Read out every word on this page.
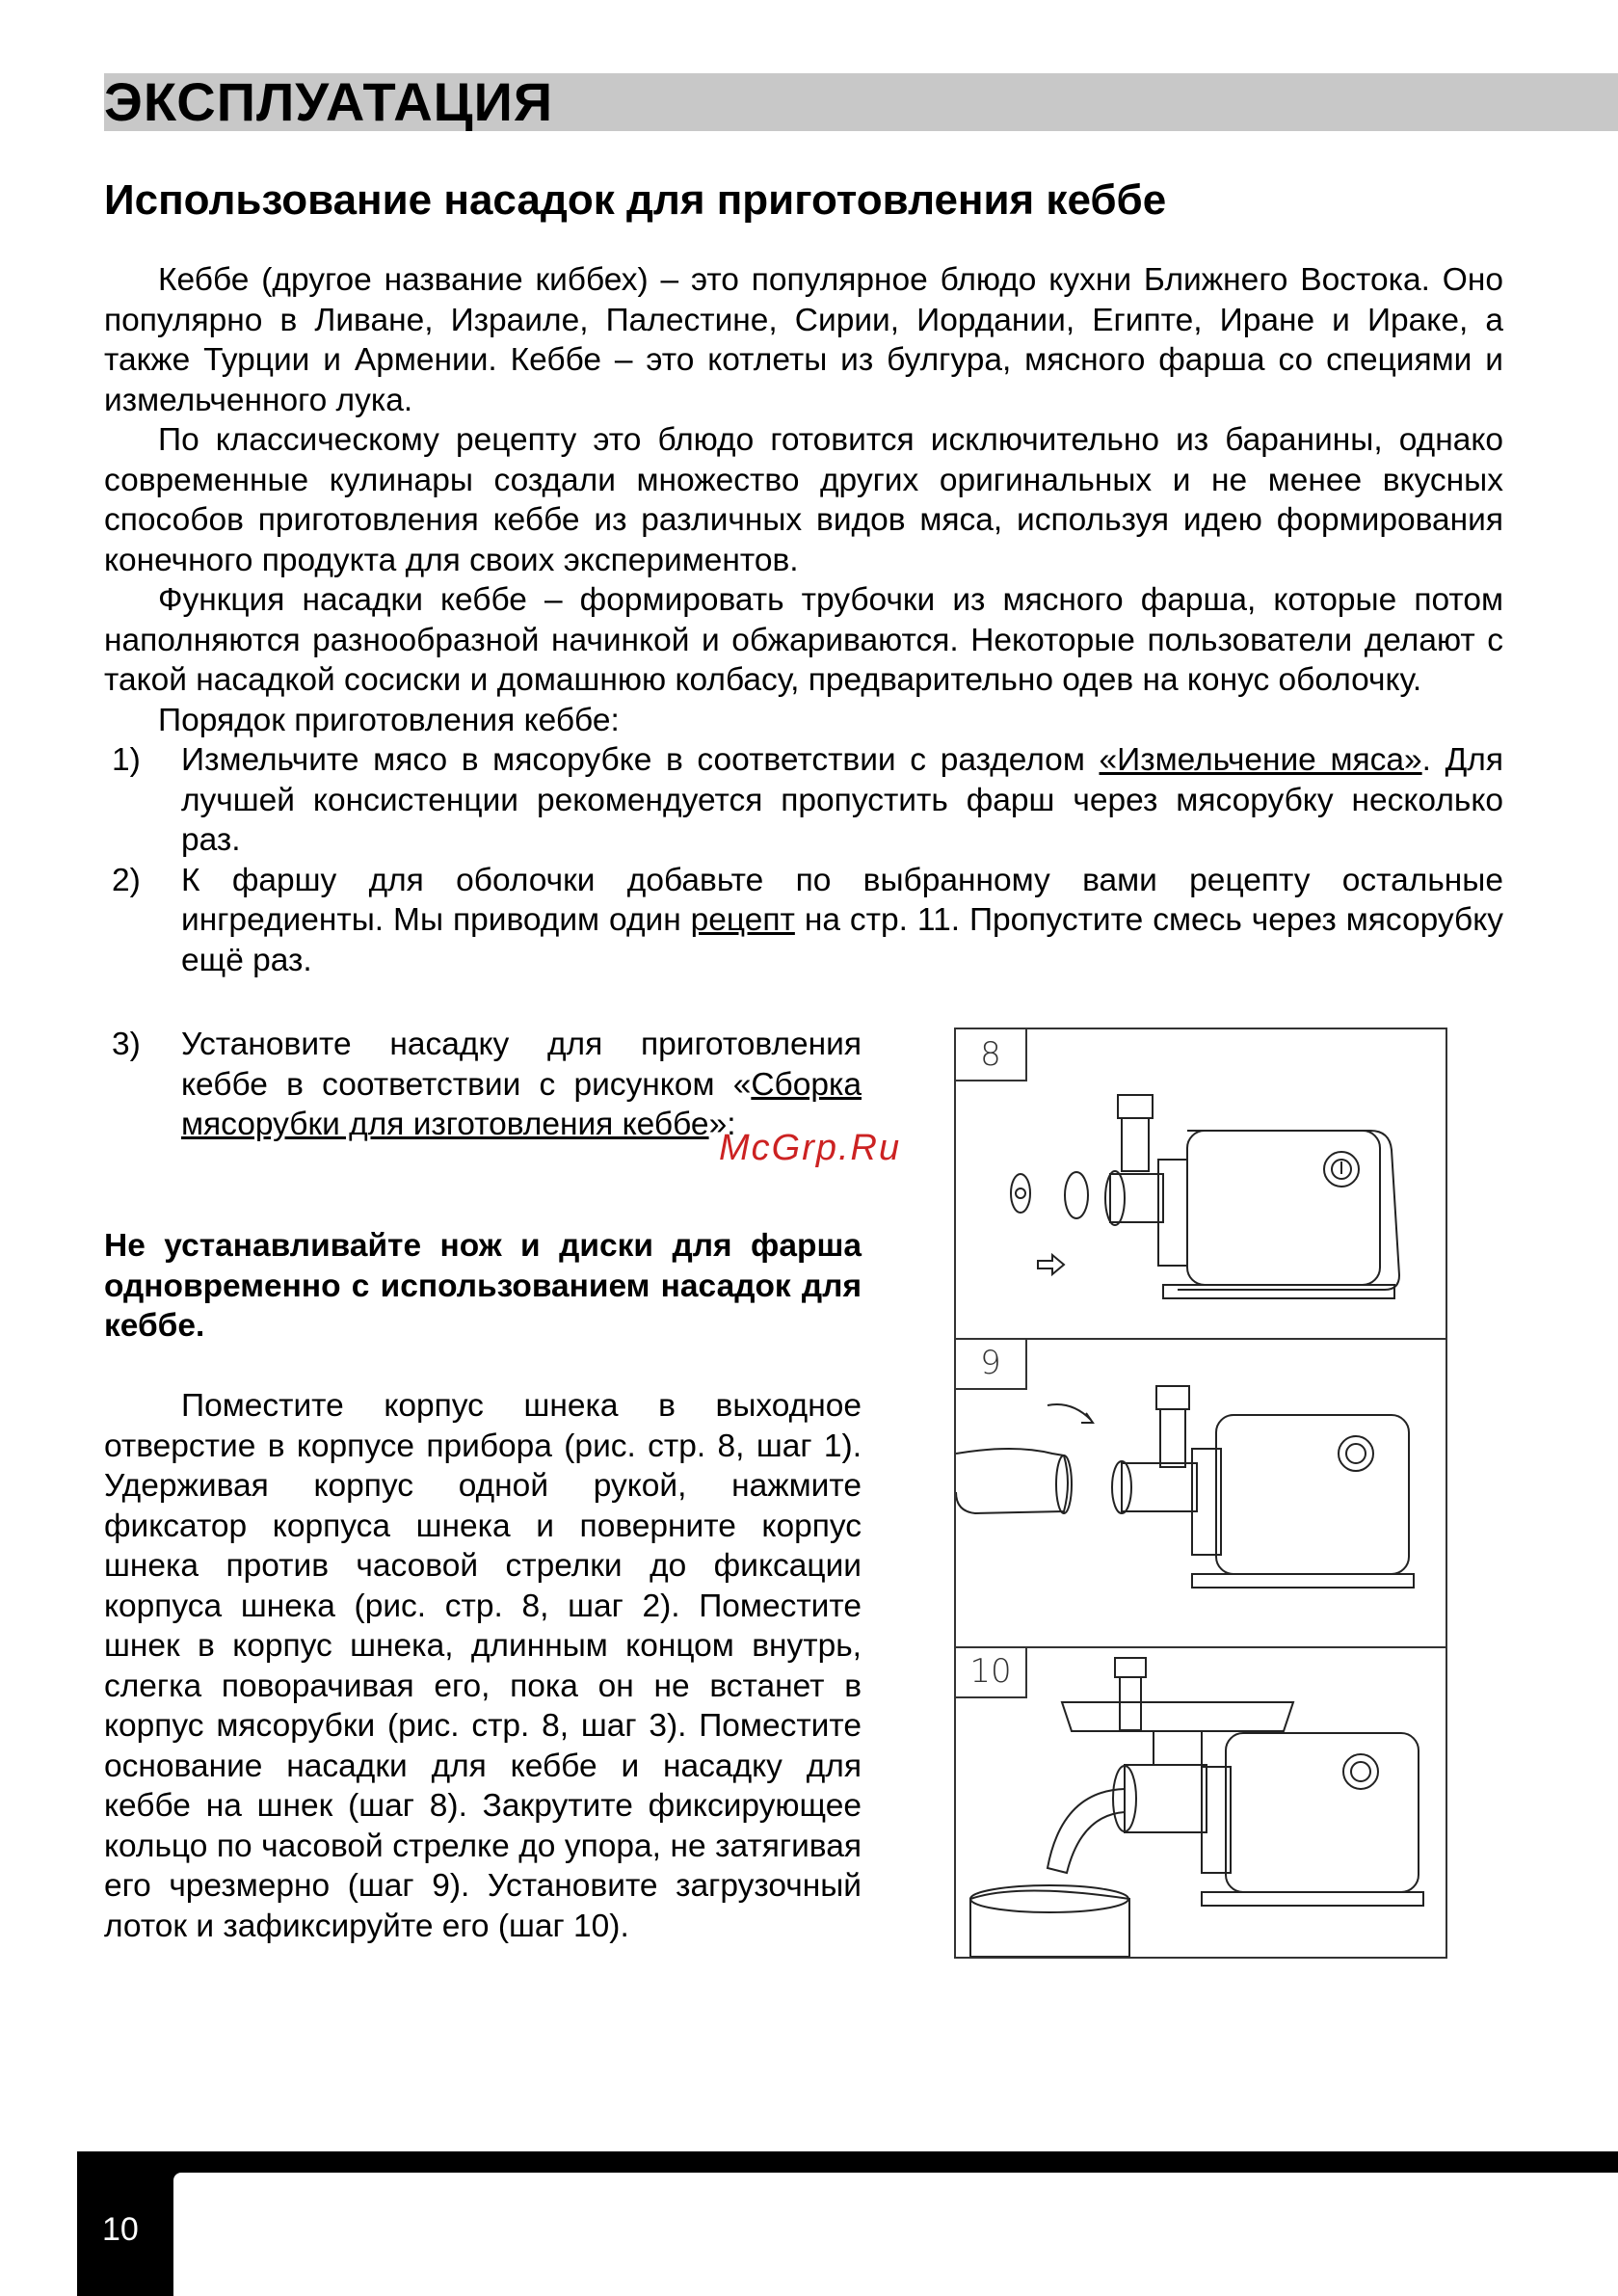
ЭКСПЛУАТАЦИЯ
Использование насадок для приготовления кеббе

Кеббе (другое название киббех) – это популярное блюдо кухни Ближнего Востока. Оно популярно в Ливане, Израиле, Палестине, Сирии, Иордании, Египте, Иране и Ираке, а также Турции и Армении. Кеббе – это котлеты из булгура, мясного фарша со специями и измельченного лука.

По классическому рецепту это блюдо готовится исключительно из баранины, однако современные кулинары создали множество других оригинальных и не менее вкусных способов приготовления кеббе из различных видов мяса, используя идею формирования конечного продукта для своих экспериментов.

Функция насадки кеббе – формировать трубочки из мясного фарша, которые потом наполняются разнообразной начинкой и обжариваются. Некоторые пользователи делают с такой насадкой сосиски и домашнюю колбасу, предварительно одев на конус оболочку.

Порядок приготовления кеббе:

1) Измельчите мясо в мясорубке в соответствии с разделом «Измельчение мяса». Для лучшей консистенции рекомендуется пропустить фарш через мясорубку несколько раз.

2) К фаршу для оболочки добавьте по выбранному вами рецепту остальные ингредиенты. Мы приводим один рецепт на стр. 11. Пропустите смесь через мясорубку ещё раз.

3) Установите насадку для приготовления кеббе в соответствии с рисунком «Сборка мясорубки для изготовления кеббе»:

Не устанавливайте нож и диски для фарша одновременно с использованием насадок для кеббе.

Поместите корпус шнека в выходное отверстие в корпусе прибора (рис. стр. 8, шаг 1). Удерживая корпус одной рукой, нажмите фиксатор корпуса шнека и поверните корпус шнека против часовой стрелки до фиксации корпуса шнека (рис. стр. 8, шаг 2). Поместите шнек в корпус шнека, длинным концом внутрь, слегка поворачивая его, пока он не встанет в корпус мясорубки (рис. стр. 8, шаг 3). Поместите основание насадки для кеббе и насадку для кеббе на шнек (шаг 8). Закрутите фиксирующее кольцо по часовой стрелке до упора, не затягивая его чрезмерно (шаг 9). Установите загрузочный лоток и зафиксируйте его (шаг 10).

McGrp.Ru
8
9
10
10
